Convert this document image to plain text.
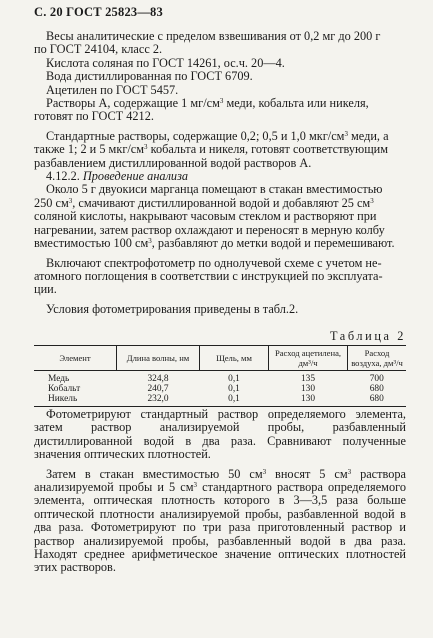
С. 20 ГОСТ 25823—83

Весы аналитические с пределом взвешивания от 0,2 мг до 200 г

по ГОСТ 24104, класс 2.

Кислота соляная по ГОСТ 14261, ос.ч. 20—4.

Вода дистиллированная по ГОСТ 6709.

Ацетилен по ГОСТ 5457.

Растворы А, содержащие 1 $мг/см^3$ меди, кобальта или никеля,

готовят по ГОСТ 4212.

Стандартные растворы, содержащие 0,2; 0,5 и 1,0 мкг/$см^3$ меди, а

также 1; 2 и 5 мкг/$см^3$ кобальта и никеля, готовят соответствующим

разбавлением дистиллированной водой растворов А.

4.12.2. Проведение анализа

Около 5 г двуокиси марганца помещают в стакан вместимостью

250 $см^3$, смачивают дистиллированной водой и добавляют 25 $см^3$

соляной кислоты, накрывают часовым стеклом и растворяют при

нагревании, затем раствор охлаждают и переносят в мерную колбу

вместимостью 100 $см^3$, разбавляют до метки водой и перемешивают.

Включают спектрофотометр по однолучевой схеме с учетом не-

атомного поглощения в соответствии с инструкцией по эксплуата-

ции.

Условия фотометрирования приведены в табл.2.

Таблица 2
Элемент	Длина волны, нм	Щель, мм	Расход ацетилена, дм³/ч	Расход воздуха, дм³/ч
Медь	324,8	0,1	135	700
Кобальт	240,7	0,1	130	680
Никель	232,0	0,1	130	680

Фотометрируют стандартный раствор определяемого элемента, затем раствор анализируемой пробы, разбавленный дистиллированной водой в два раза. Сравнивают полученные значения оптических плотностей.

Затем в стакан вместимостью 50 $см^3$ вносят 5 $см^3$ раствора анализируемой пробы и 5 $см^3$ стандартного раствора определяемого элемента, оптическая плотность которого в 3—3,5 раза больше оптической плотности анализируемой пробы, разбавленной водой в два раза. Фотометрируют по три раза приготовленный раствор и раствор анализируемой пробы, разбавленный водой в два раза. Находят среднее арифметическое значение оптических плотностей этих растворов.
